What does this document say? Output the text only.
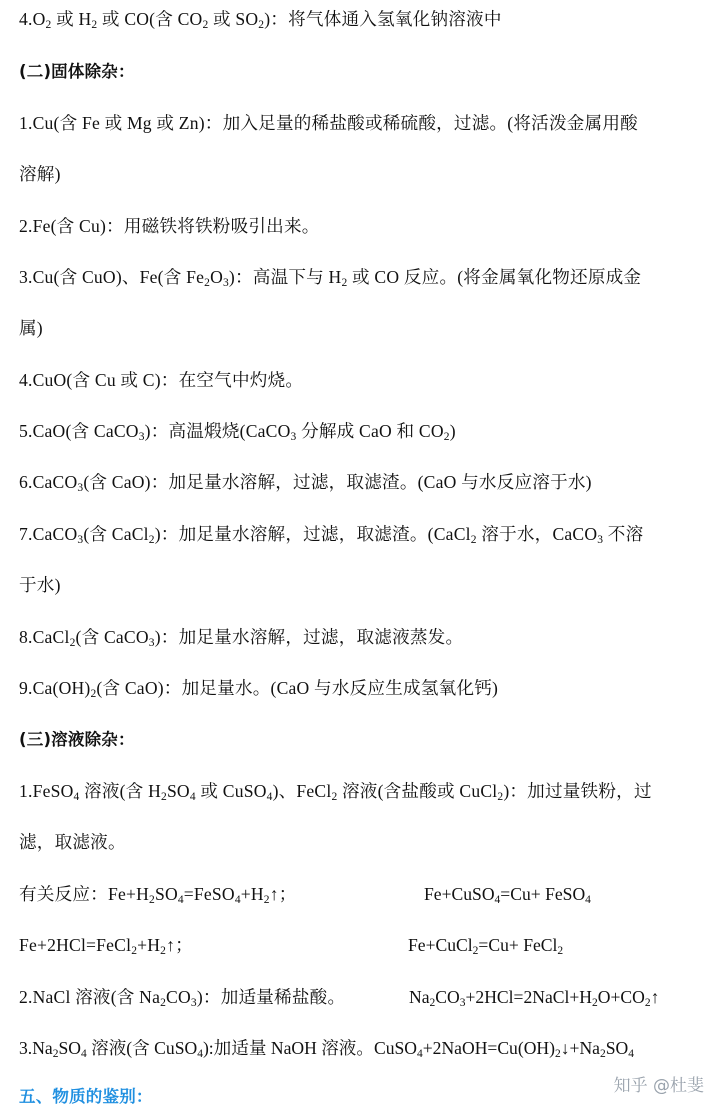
$4.O_2$ 或 $H_2$ 或 CO(含 $CO_2$ 或 $SO_2$)：将气体通入氢氧化钠溶液中
(二)固体除杂：
1.Cu(含 Fe 或 Mg 或 Zn)：加入足量的稀盐酸或稀硫酸，过滤。(将活泼金属用酸
溶解)
2.Fe(含 Cu)：用磁铁将铁粉吸引出来。
3.Cu(含 CuO)、Fe(含 $Fe_2O_3$)：高温下与 $H_2$ 或 CO 反应。(将金属氧化物还原成金
属)
4.CuO(含 Cu 或 C)：在空气中灼烧。
5.CaO(含 CaCO$_3$)：高温煅烧(CaCO$_3$ 分解成 CaO 和 $CO_2$)
6.CaCO$_3$(含 CaO)：加足量水溶解，过滤，取滤渣。(CaO 与水反应溶于水)
7.CaCO$_3$(含 CaCl$_2$)：加足量水溶解，过滤，取滤渣。(CaCl$_2$ 溶于水，CaCO$_3$ 不溶
于水)
8.CaCl$_2$(含 CaCO$_3$)：加足量水溶解，过滤，取滤液蒸发。
$9.Ca(OH)_2$(含 CaO)：加足量水。(CaO 与水反应生成氢氧化钙)
(三)溶液除杂：
1.FeSO$_4$ 溶液(含 $H_2SO_4$ 或 CuSO$_4$)、FeCl$_2$ 溶液(含盐酸或 CuCl$_2$)：加过量铁粉，过
滤，取滤液。
有关反应：$Fe+H_2SO_4=FeSO_4+H_2↑$；	Fe+CuSO$_4$=Cu+ FeSO$_4$
$Fe+2HCl=FeCl_2+H_2↑$；	Fe+CuCl$_2$=Cu+ FeCl$_2$
2.NaCl 溶液(含 $Na_2CO_3$)：加适量稀盐酸。	$Na_2CO_3+2HCl=2NaCl+H_2O+CO_2↑$
$3.Na_2SO_4$ 溶液(含 CuSO$_4$):加适量 NaOH 溶液。$CuSO_4+2NaOH=Cu(OH)_2↓+Na_2SO_4$
五、物质的鉴别：
知乎 @杜斐
